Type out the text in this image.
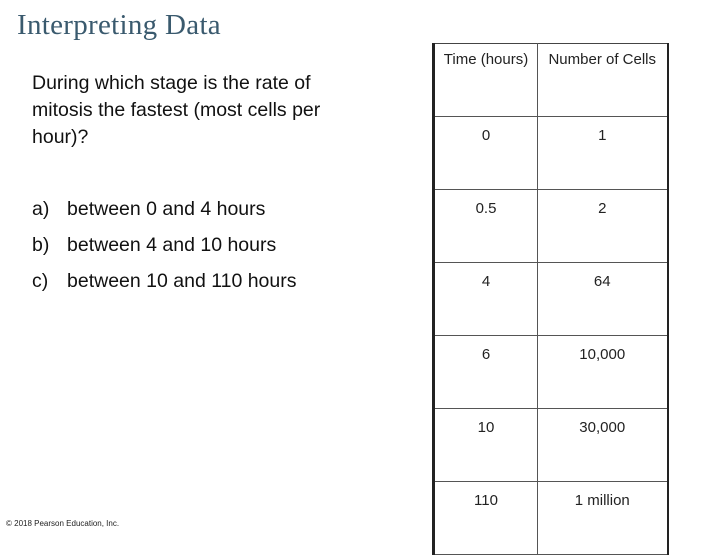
Interpreting Data
During which stage is the rate of mitosis the fastest (most cells per hour)?
a) between 0 and 4 hours
b) between 4 and 10 hours
c) between 10 and 110 hours
Time (hours)	Number of Cells
0	1
0.5	2
4	64
6	10,000
10	30,000
110	1 million
© 2018 Pearson Education, Inc.
